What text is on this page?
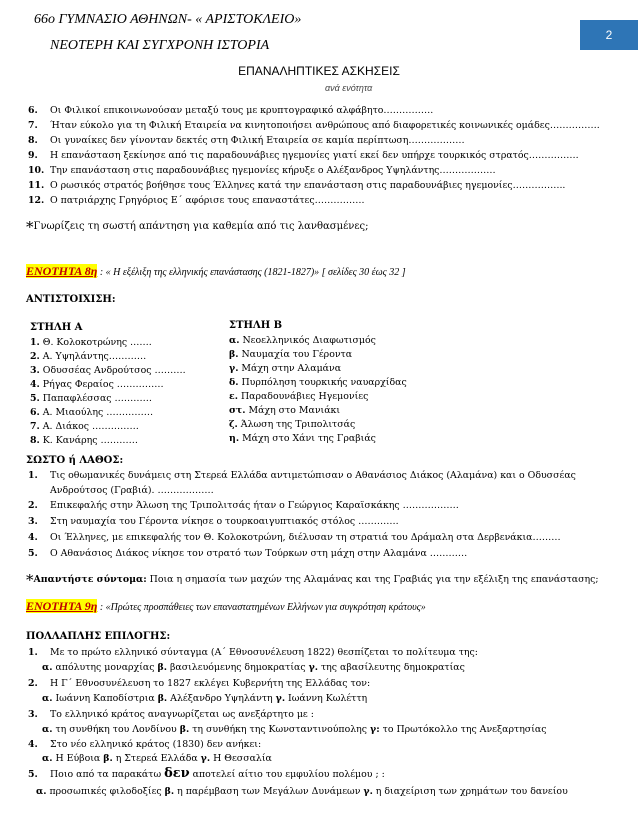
2
66ο ΓΥΜΝΑΣΙΟ ΑΘΗΝΩΝ- « ΑΡΙΣΤΟΚΛΕΙΟ»
ΝΕΟΤΕΡΗ ΚΑΙ ΣΥΓΧΡΟΝΗ ΙΣΤΟΡΙΑ
ΕΠΑΝΑΛΗΠΤΙΚΕΣ ΑΣΚΗΣΕΙΣ
ανά ενότητα
6. Οι Φιλικοί επικοινωνούσαν μεταξύ τους με κρυπτογραφικό αλφάβητο…………….
7. Ήταν εύκολο για τη Φιλική Εταιρεία να κινητοποιήσει ανθρώπους από διαφορετικές κοινωνικές ομάδες…………….
8. Οι γυναίκες δεν γίνονταν δεκτές στη Φιλική Εταιρεία σε καμία περίπτωση………………
9. Η επανάσταση ξεκίνησε από τις παραδουνάβιες ηγεμονίες γιατί εκεί δεν υπήρχε τουρκικός στρατός…………….
10. Την επανάσταση στις παραδουνάβιες ηγεμονίες κήρυξε ο Αλέξανδρος Υψηλάντης………………
11. Ο ρωσικός στρατός βοήθησε τους Έλληνες κατά την επανάσταση στις παραδουνάβιες ηγεμονίες……………..
12. Ο πατριάρχης Γρηγόριος Ε΄ αφόρισε τους επαναστάτες…………….
*Γνωρίζεις τη σωστή απάντηση για καθεμία από τις λανθασμένες;
ΕΝΟΤΗΤΑ 8η : « Η εξέλιξη της ελληνικής επανάστασης (1821-1827)» [ σελίδες 30 έως 32 ]
ΑΝΤΙΣΤΟΙΧΙΣΗ:
ΣΤΗΛΗ Α	ΣΤΗΛΗ Β
1. Θ. Κολοκοτρώνης …….
2. Α. Υψηλάντης…………
3. Οδυσσέας Ανδρούτσος ……….
4. Ρήγας Φεραίος ……………
5. Παπαφλέσσας …………
6. Α. Μιαούλης ……………
7. Α. Διάκος ……………
8. Κ. Κανάρης …………
α. Νεοελληνικός Διαφωτισμός
β. Ναυμαχία του Γέροντα
γ. Μάχη στην Αλαμάνα
δ. Πυρπόληση τουρκικής ναυαρχίδας
ε. Παραδουνάβιες Ηγεμονίες
στ. Μάχη στο Μανιάκι
ζ. Άλωση της Τριπολιτσάς
η. Μάχη στο Χάνι της Γραβιάς
ΣΩΣΤΟ ή ΛΑΘΟΣ:
1. Τις οθωμανικές δυνάμεις στη Στερεά Ελλάδα αντιμετώπισαν ο Αθανάσιος Διάκος (Αλαμάνα) και ο Οδυσσέας
Ανδρούτσος (Γραβιά). ………………
2. Επικεφαλής στην Άλωση της Τριπολιτσάς ήταν ο Γεώργιος Καραϊσκάκης ………………
3. Στη ναυμαχία του Γέροντα νίκησε ο τουρκοαιγυπτιακός στόλος ………….
4. Οι Έλληνες, με επικεφαλής τον Θ. Κολοκοτρώνη, διέλυσαν τη στρατιά του Δράμαλη στα Δερβενάκια………
5. Ο Αθανάσιος Διάκος νίκησε τον στρατό των Τούρκων στη μάχη στην Αλαμάνα …………
*Απαντήστε σύντομα: Ποια η σημασία των μαχών της Αλαμάνας και της Γραβιάς για την εξέλιξη της επανάστασης;
ΕΝΟΤΗΤΑ 9η : «Πρώτες προσπάθειες των επαναστατημένων Ελλήνων για συγκρότηση κράτους»
ΠΟΛΛΑΠΛΗΣ ΕΠΙΛΟΓΗΣ:
1. Με το πρώτο ελληνικό σύνταγμα (Α΄ Εθνοσυνέλευση 1822) θεσπίζεται το πολίτευμα της:
α. απόλυτης μοναρχίας β. βασιλευόμενης δημοκρατίας γ. της αβασίλευτης δημοκρατίας
2. Η Γ΄ Εθνοσυνέλευση το 1827 εκλέγει Κυβερνήτη της Ελλάδας τον:
α. Ιωάννη Καποδίστρια β. Αλέξανδρο Υψηλάντη γ. Ιωάννη Κωλέττη
3. Το ελληνικό κράτος αναγνωρίζεται ως ανεξάρτητο με :
α. τη συνθήκη του Λονδίνου β. τη συνθήκη της Κωνσταντινούπολης γ: το Πρωτόκολλο της Ανεξαρτησίας
4. Στο νέο ελληνικό κράτος (1830) δεν ανήκει:
α. Η Εύβοια β. η Στερεά Ελλάδα γ. Η Θεσσαλία
5. Ποιο από τα παρακάτω δεν αποτελεί αίτιο του εμφυλίου πολέμου ; :
α. προσωπικές φιλοδοξίες β. η παρέμβαση των Μεγάλων Δυνάμεων γ. η διαχείριση των χρημάτων του δανείου
